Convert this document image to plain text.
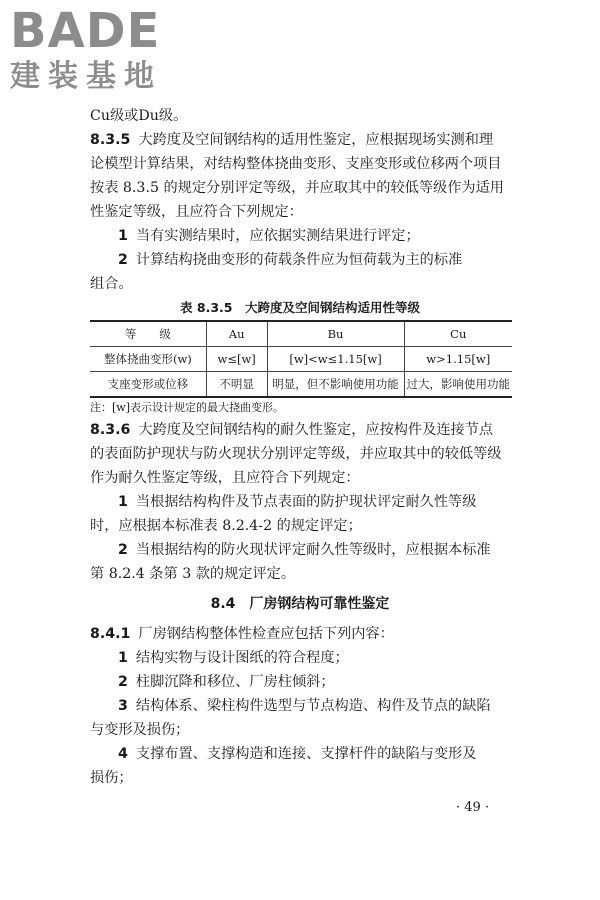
BADE
建装基地
Cu级或Du级。
8.3.5 大跨度及空间钢结构的适用性鉴定，应根据现场实测和理
论模型计算结果，对结构整体挠曲变形、支座变形或位移两个项目
按表 8.3.5 的规定分别评定等级，并应取其中的较低等级作为适用
性鉴定等级，且应符合下列规定：
1 当有实测结果时，应依据实测结果进行评定；
2 计算结构挠曲变形的荷载条件应为恒荷载为主的标准
组合。
表 8.3.5　大跨度及空间钢结构适用性等级
等　　级	Au	Bu	Cu
整体挠曲变形(w)	w≤[w]	[w]<w≤1.15[w]	w>1.15[w]
支座变形或位移	不明显	明显，但不影响使用功能	过大，影响使用功能
注：[w]表示设计规定的最大挠曲变形。
8.3.6 大跨度及空间钢结构的耐久性鉴定，应按构件及连接节点
的表面防护现状与防火现状分别评定等级，并应取其中的较低等级
作为耐久性鉴定等级，且应符合下列规定：
1 当根据结构构件及节点表面的防护现状评定耐久性等级
时，应根据本标准表 8.2.4-2 的规定评定；
2 当根据结构的防火现状评定耐久性等级时，应根据本标准
第 8.2.4 条第 3 款的规定评定。
8.4　厂房钢结构可靠性鉴定
8.4.1 厂房钢结构整体性检查应包括下列内容：
1 结构实物与设计图纸的符合程度；
2 柱脚沉降和移位、厂房柱倾斜；
3 结构体系、梁柱构件选型与节点构造、构件及节点的缺陷
与变形及损伤；
4 支撑布置、支撑构造和连接、支撑杆件的缺陷与变形及
损伤；
· 49 ·
